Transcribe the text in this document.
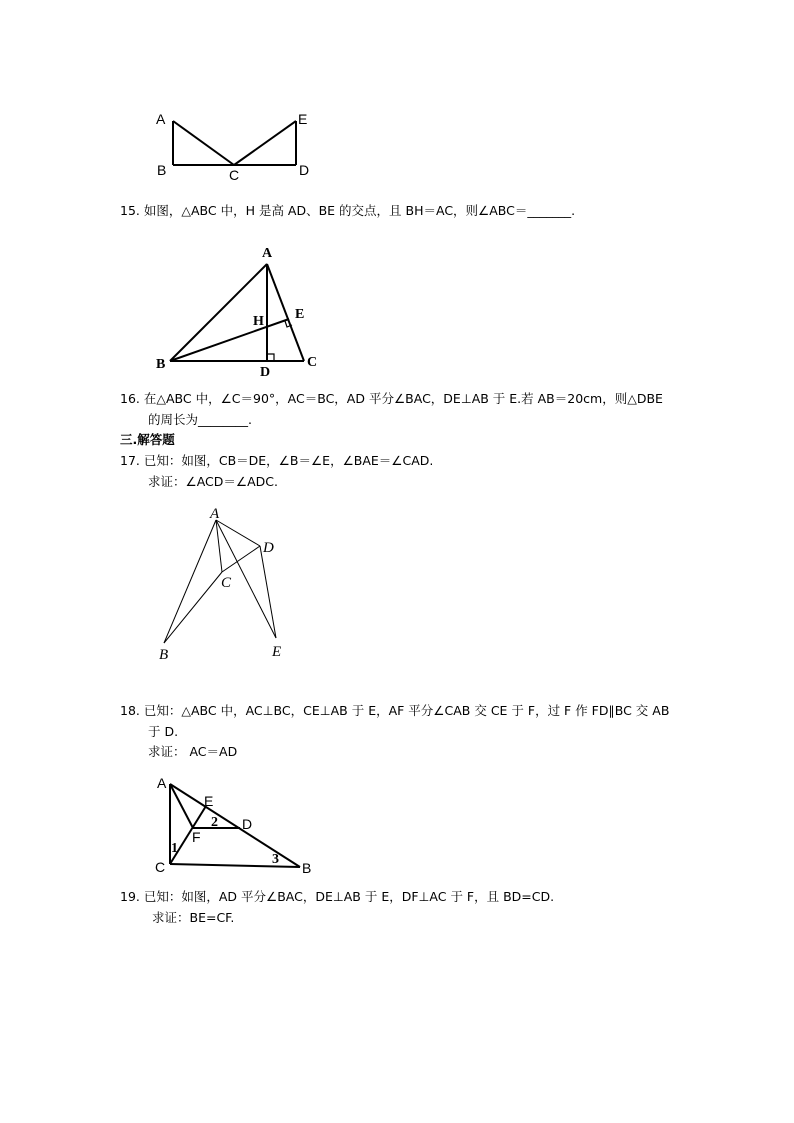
A
B	C	D
E
15. 如图，△ABC 中，H 是高 AD、BE 的交点，且 BH＝AC，则∠ABC＝_______.
A
B	C
D
E
H
16. 在△ABC 中，∠C＝90°，AC＝BC，AD 平分∠BAC，DE⊥AB 于 E.若 AB＝20cm，则△DBE
的周长为________.
三.解答题
17. 已知：如图，CB＝DE，∠B＝∠E，∠BAE＝∠CAD.
求证：∠ACD＝∠ADC.
A
B
C
D
E
18. 已知：△ABC 中，AC⊥BC，CE⊥AB 于 E，AF 平分∠CAB 交 CE 于 F，过 F 作 FD∥BC 交 AB
于 D.
求证： AC＝AD
A
B
C
D
E
F
1
2
3
19. 已知：如图，AD 平分∠BAC，DE⊥AB 于 E，DF⊥AC 于 F，且 BD=CD.
求证：BE=CF.
